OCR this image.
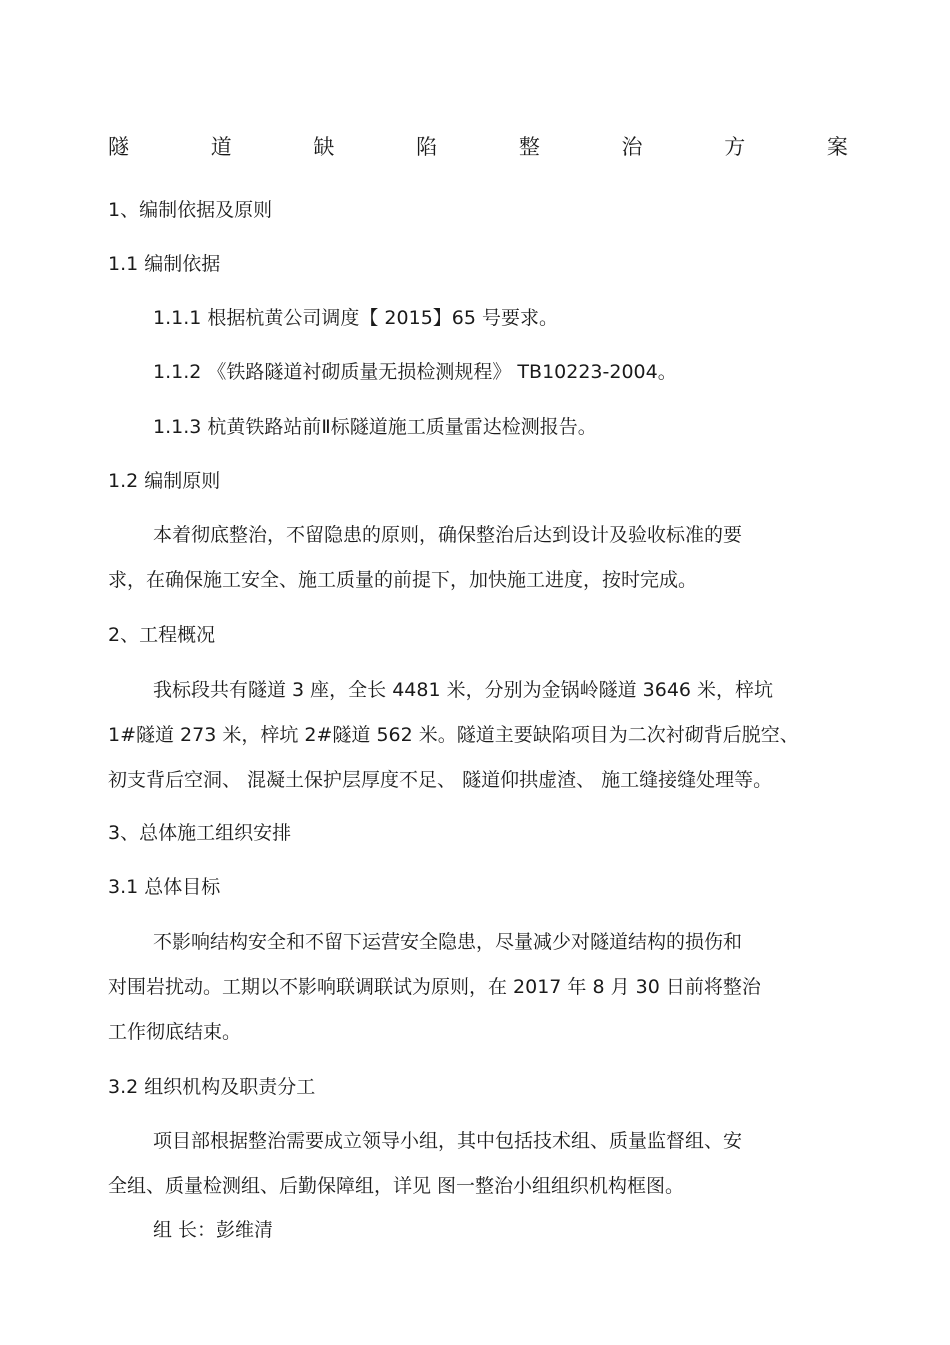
隧	道	缺	陷	整	治	方	案
1、编制依据及原则
1.1 编制依据
1.1.1 根据杭黄公司调度【 2015】65 号要求。
1.1.2 《铁路隧道衬砌质量无损检测规程》 TB10223-2004。
1.1.3 杭黄铁路站前Ⅱ标隧道施工质量雷达检测报告。
1.2 编制原则
本着彻底整治，不留隐患的原则，确保整治后达到设计及验收标准的要
求，在确保施工安全、施工质量的前提下，加快施工进度，按时完成。
2、工程概况
我标段共有隧道 3 座，全长 4481 米，分别为金锅岭隧道 3646 米，梓坑
1#隧道 273 米，梓坑 2#隧道 562 米。隧道主要缺陷项目为二次衬砌背后脱空、
初支背后空洞、 混凝土保护层厚度不足、 隧道仰拱虚渣、 施工缝接缝处理等。
3、总体施工组织安排
3.1 总体目标
不影响结构安全和不留下运营安全隐患，尽量减少对隧道结构的损伤和
对围岩扰动。工期以不影响联调联试为原则，在 2017 年 8 月 30 日前将整治
工作彻底结束。
3.2 组织机构及职责分工
项目部根据整治需要成立领导小组，其中包括技术组、质量监督组、安
全组、质量检测组、后勤保障组，详见 图一整治小组组织机构框图。
组 长：彭维清
